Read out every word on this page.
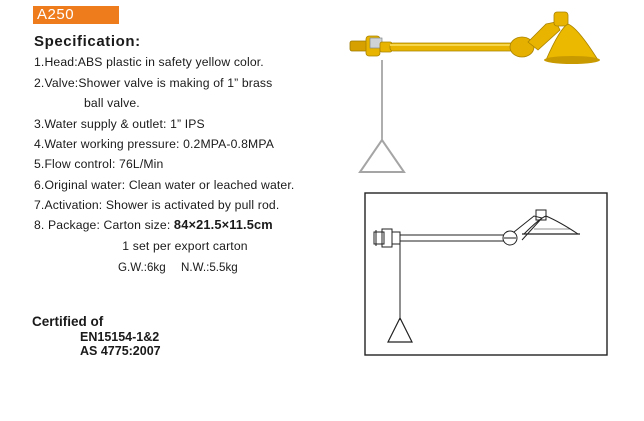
A250
Specification:
1.Head:ABS plastic in safety yellow color.
2.Valve:Shower valve is making of 1” brass
ball valve.
3.Water supply & outlet: 1” IPS
4.Water working pressure: 0.2MPA-0.8MPA
5.Flow control: 76L/Min
6.Original water: Clean water or leached water.
7.Activation: Shower is activated by pull rod.
8. Package: Carton size: 84×21.5×11.5cm
1 set per export carton
G.W.:6kg N.W.:5.5kg
Certified of
EN15154-1&2
AS 4775:2007
